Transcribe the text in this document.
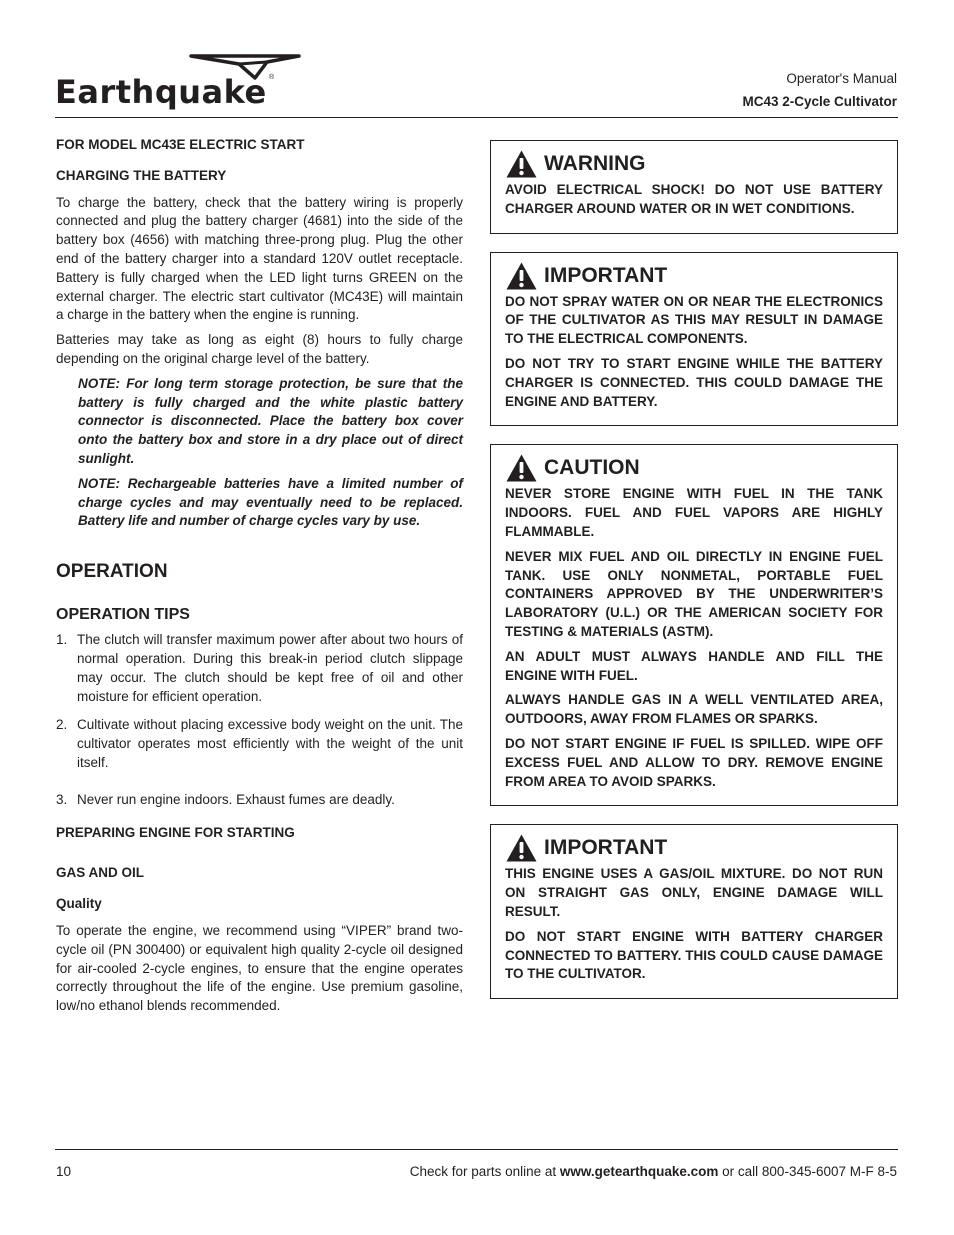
Earthquake ®	Operator's Manual
MC43 2-Cycle Cultivator
FOR MODEL MC43E ELECTRIC START
CHARGING THE BATTERY

To charge the battery, check that the battery wiring is properly connected and plug the battery charger (4681) into the side of the battery box (4656) with matching three-prong plug. Plug the other end of the battery charger into a standard 120V outlet receptacle. Battery is fully charged when the LED light turns GREEN on the external charger. The electric start cultivator (MC43E) will maintain a charge in the battery when the engine is running.

Batteries may take as long as eight (8) hours to fully charge depending on the original charge level of the battery.

NOTE: For long term storage protection, be sure that the battery is fully charged and the white plastic battery connector is disconnected. Place the battery box cover onto the battery box and store in a dry place out of direct sunlight.

NOTE: Rechargeable batteries have a limited number of charge cycles and may eventually need to be replaced. Battery life and number of charge cycles vary by use.

OPERATION
OPERATION TIPS
1. The clutch will transfer maximum power after about two hours of normal operation. During this break-in period clutch slippage may occur. The clutch should be kept free of oil and other moisture for efficient operation.
2. Cultivate without placing excessive body weight on the unit. The cultivator operates most efficiently with the weight of the unit itself.
3. Never run engine indoors. Exhaust fumes are deadly.
PREPARING ENGINE FOR STARTING
GAS AND OIL
Quality

To operate the engine, we recommend using “VIPER” brand two-cycle oil (PN 300400) or equivalent high quality 2-cycle oil designed for air-cooled 2-cycle engines, to ensure that the engine operates correctly throughout the life of the engine. Use premium gasoline, low/no ethanol blends recommended.

WARNING

AVOID ELECTRICAL SHOCK! DO NOT USE BATTERY CHARGER AROUND WATER OR IN WET CONDITIONS.

IMPORTANT

DO NOT SPRAY WATER ON OR NEAR THE ELECTRONICS OF THE CULTIVATOR AS THIS MAY RESULT IN DAMAGE TO THE ELECTRICAL COMPONENTS.

DO NOT TRY TO START ENGINE WHILE THE BATTERY CHARGER IS CONNECTED. THIS COULD DAMAGE THE ENGINE AND BATTERY.

CAUTION

NEVER STORE ENGINE WITH FUEL IN THE TANK INDOORS. FUEL AND FUEL VAPORS ARE HIGHLY FLAMMABLE.

NEVER MIX FUEL AND OIL DIRECTLY IN ENGINE FUEL TANK. USE ONLY NONMETAL, PORTABLE FUEL CONTAINERS APPROVED BY THE UNDERWRITER’S LABORATORY (U.L.) OR THE AMERICAN SOCIETY FOR TESTING & MATERIALS (ASTM).

AN ADULT MUST ALWAYS HANDLE AND FILL THE ENGINE WITH FUEL.

ALWAYS HANDLE GAS IN A WELL VENTILATED AREA, OUTDOORS, AWAY FROM FLAMES OR SPARKS.

DO NOT START ENGINE IF FUEL IS SPILLED. WIPE OFF EXCESS FUEL AND ALLOW TO DRY. REMOVE ENGINE FROM AREA TO AVOID SPARKS.

IMPORTANT

THIS ENGINE USES A GAS/OIL MIXTURE. DO NOT RUN ON STRAIGHT GAS ONLY, ENGINE DAMAGE WILL RESULT.

DO NOT START ENGINE WITH BATTERY CHARGER CONNECTED TO BATTERY. THIS COULD CAUSE DAMAGE TO THE CULTIVATOR.

10	Check for parts online at www.getearthquake.com or call 800-345-6007 M-F 8-5
